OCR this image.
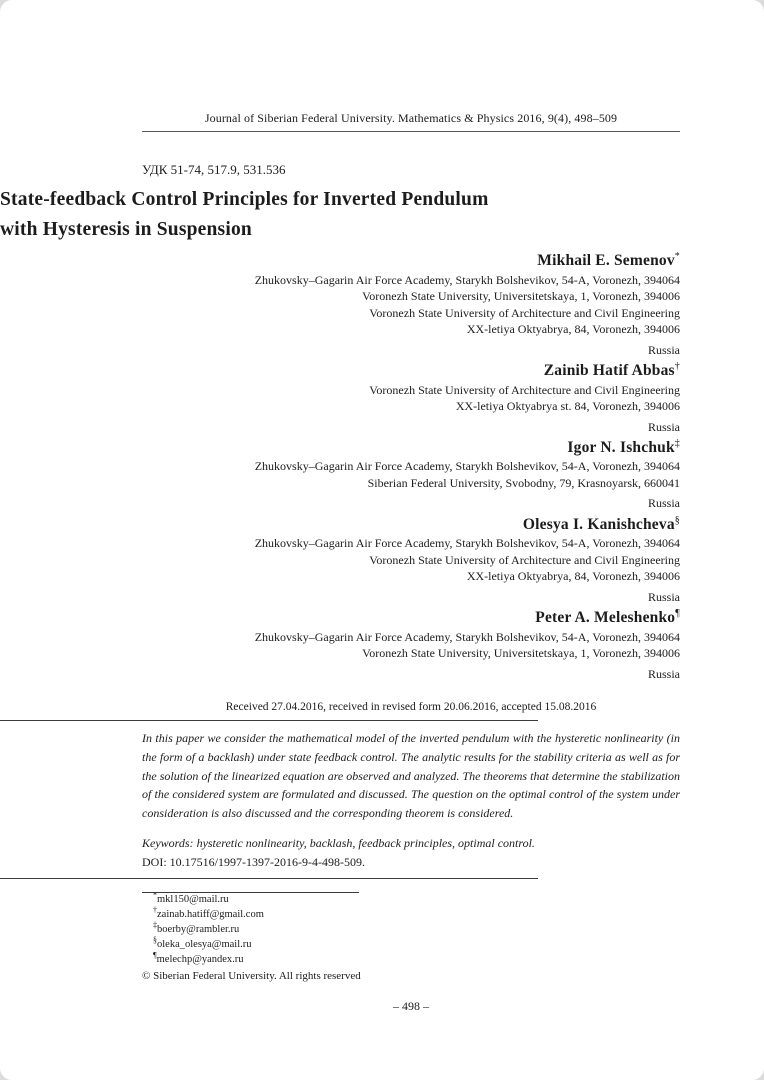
Journal of Siberian Federal University. Mathematics & Physics 2016, 9(4), 498–509
УДК 51-74, 517.9, 531.536
State-feedback Control Principles for Inverted Pendulum
with Hysteresis in Suspension
Mikhail E. Semenov*
Zhukovsky–Gagarin Air Force Academy, Starykh Bolshevikov, 54-A, Voronezh, 394064
Voronezh State University, Universitetskaya, 1, Voronezh, 394006
Voronezh State University of Architecture and Civil Engineering
XX-letiya Oktyabrya, 84, Voronezh, 394006
Russia
Zainib Hatif Abbas†
Voronezh State University of Architecture and Civil Engineering
XX-letiya Oktyabrya st. 84, Voronezh, 394006
Russia
Igor N. Ishchuk‡
Zhukovsky–Gagarin Air Force Academy, Starykh Bolshevikov, 54-A, Voronezh, 394064
Siberian Federal University, Svobodny, 79, Krasnoyarsk, 660041
Russia
Olesya I. Kanishcheva§
Zhukovsky–Gagarin Air Force Academy, Starykh Bolshevikov, 54-A, Voronezh, 394064
Voronezh State University of Architecture and Civil Engineering
XX-letiya Oktyabrya, 84, Voronezh, 394006
Russia
Peter A. Meleshenko¶
Zhukovsky–Gagarin Air Force Academy, Starykh Bolshevikov, 54-A, Voronezh, 394064
Voronezh State University, Universitetskaya, 1, Voronezh, 394006
Russia
Received 27.04.2016, received in revised form 20.06.2016, accepted 15.08.2016

In this paper we consider the mathematical model of the inverted pendulum with the hysteretic nonlinearity (in the form of a backlash) under state feedback control. The analytic results for the stability criteria as well as for the solution of the linearized equation are observed and analyzed. The theorems that determine the stabilization of the considered system are formulated and discussed. The question on the optimal control of the system under consideration is also discussed and the corresponding theorem is considered.

Keywords: hysteretic nonlinearity, backlash, feedback principles, optimal control.
DOI: 10.17516/1997-1397-2016-9-4-498-509.
*mkl150@mail.ru
†zainab.hatiff@gmail.com
‡boerby@rambler.ru
§oleka_olesya@mail.ru
¶melechp@yandex.ru
© Siberian Federal University. All rights reserved
– 498 –
